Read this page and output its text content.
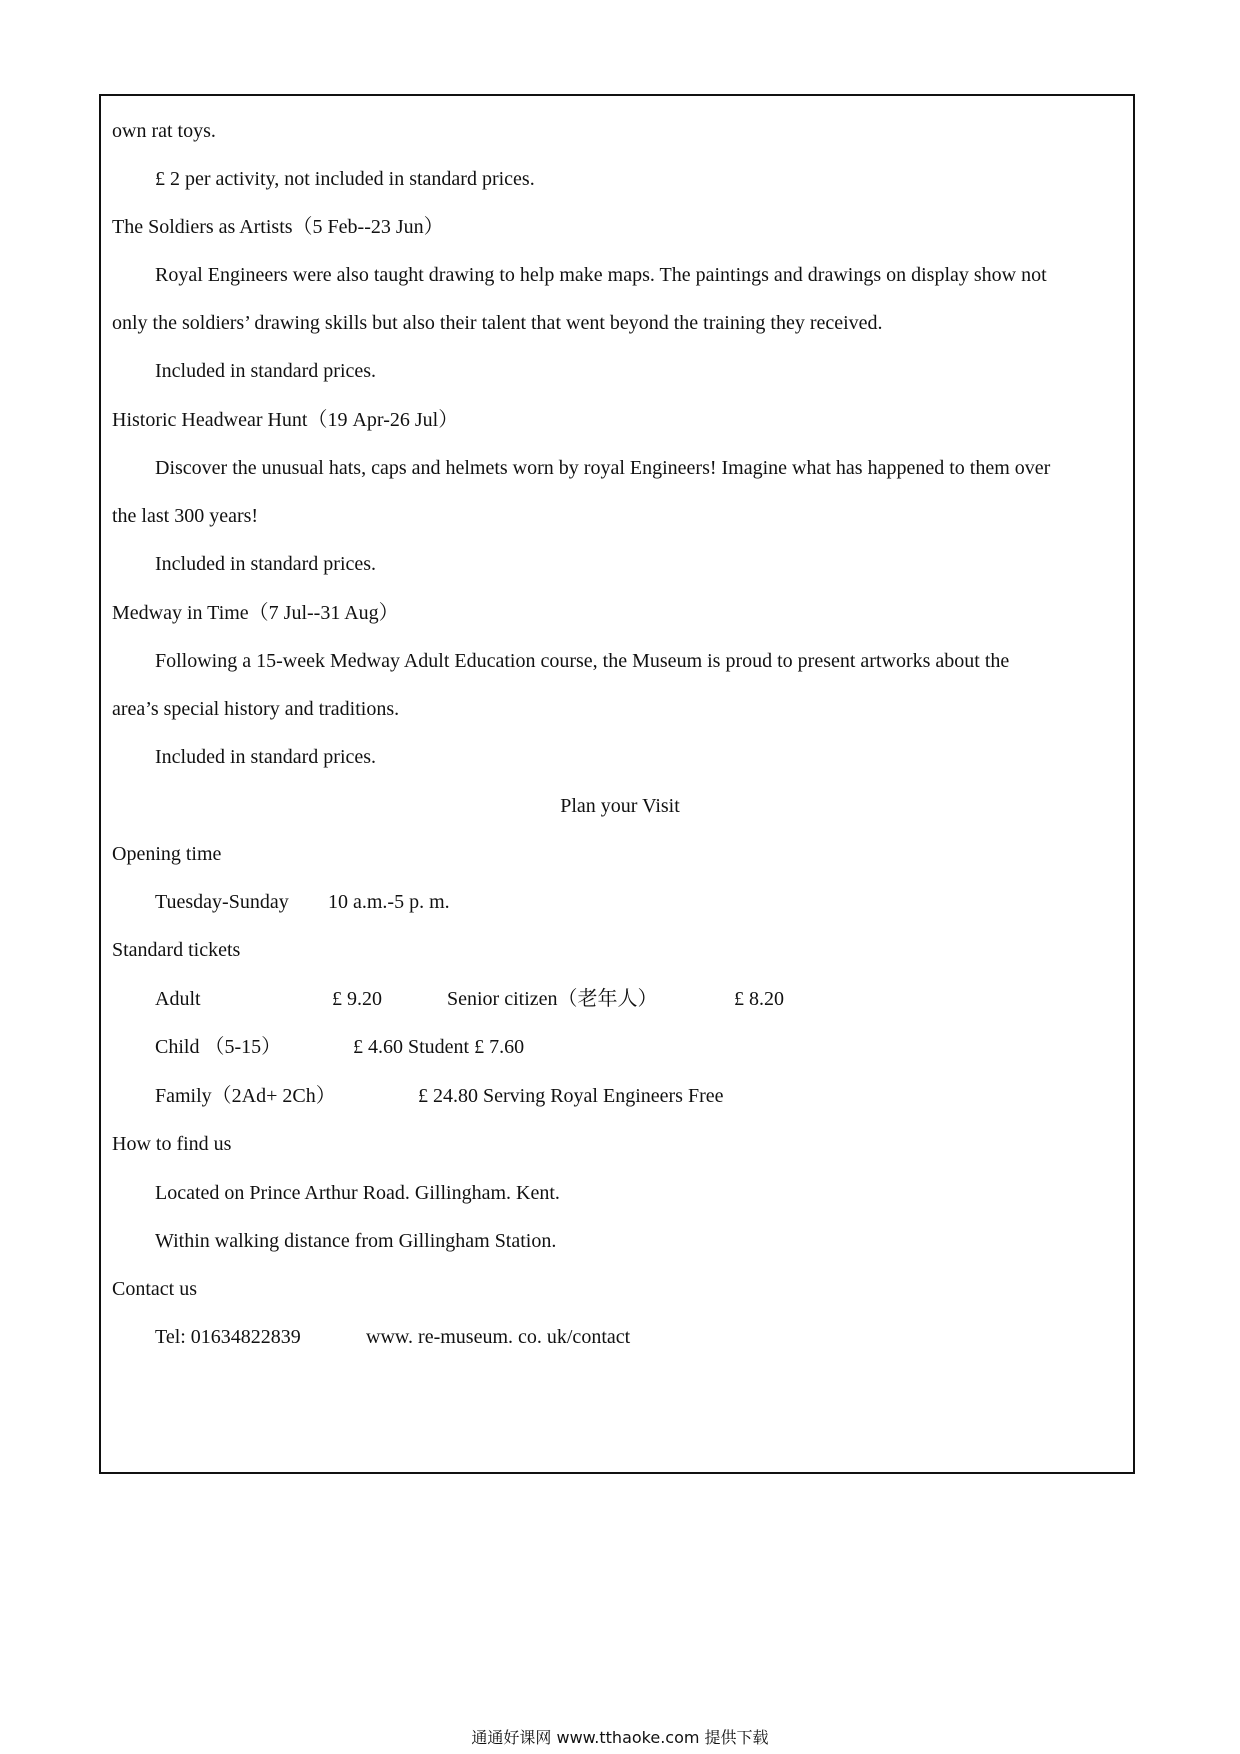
own rat toys.
£ 2 per activity, not included in standard prices.
The Soldiers as Artists（5 Feb--23 Jun）
Royal Engineers were also taught drawing to help make maps. The paintings and drawings on display show not
only the soldiers’ drawing skills but also their talent that went beyond the training they received.
Included in standard prices.
Historic Headwear Hunt（19 Apr-26 Jul）
Discover the unusual hats, caps and helmets worn by royal Engineers! Imagine what has happened to them over
the last 300 years!
Included in standard prices.
Medway in Time（7 Jul--31 Aug）
Following a 15-week Medway Adult Education course, the Museum is proud to present artworks about the
area’s special history and traditions.
Included in standard prices.
Plan your Visit
Opening time
Tuesday-Sunday 10 a.m.-5 p. m.
Standard tickets
Adult	£ 9.20	Senior citizen（老年人）	£ 8.20
Child （5-15）	£ 4.60 Student £ 7.60
Family（2Ad+ 2Ch）	£ 24.80 Serving Royal Engineers Free
How to find us
Located on Prince Arthur Road. Gillingham. Kent.
Within walking distance from Gillingham Station.
Contact us
Tel: 01634822839	www. re-museum. co. uk/contact
通通好课网 www.tthaoke.com 提供下载
